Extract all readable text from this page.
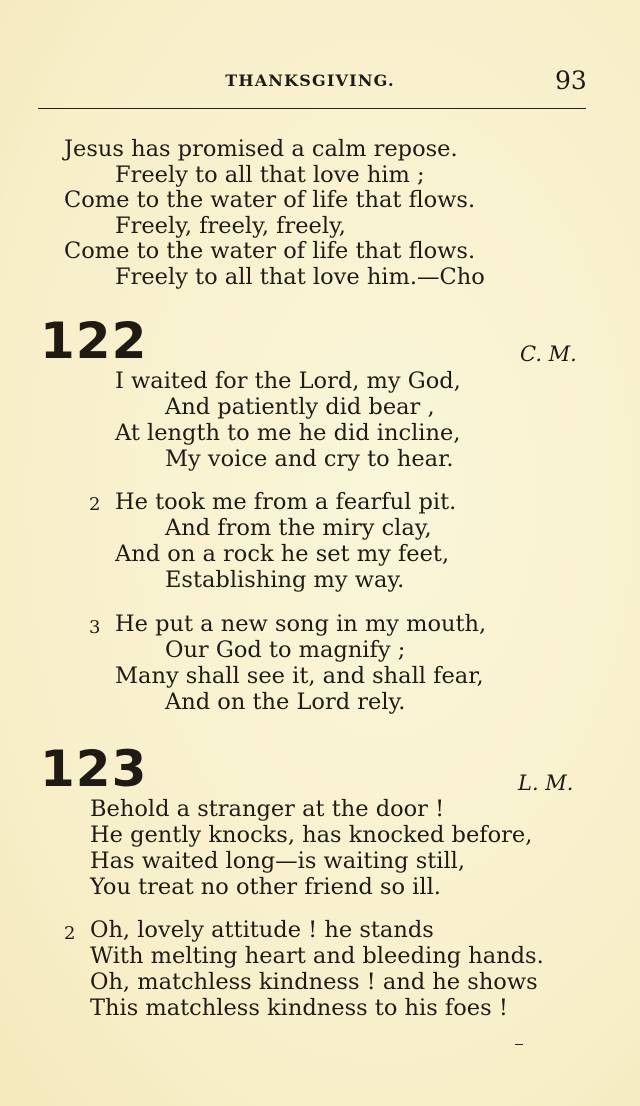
THANKSGIVING.	93
Jesus has promised a calm repose.
Freely to all that love him ;
Come to the water of life that flows.
Freely, freely, freely,
Come to the water of life that flows.
Freely to all that love him.—Cho
122	C. M.
I waited for the Lord, my God,
And patiently did bear ,
At length to me he did incline,
My voice and cry to hear.
2 He took me from a fearful pit.
And from the miry clay,
And on a rock he set my feet,
Establishing my way.
3 He put a new song in my mouth,
Our God to magnify ;
Many shall see it, and shall fear,
And on the Lord rely.
123	L. M.
Behold a stranger at the door !
He gently knocks, has knocked before,
Has waited long—is waiting still,
You treat no other friend so ill.
2 Oh, lovely attitude ! he stands
With melting heart and bleeding hands.
Oh, matchless kindness ! and he shows
This matchless kindness to his foes !
